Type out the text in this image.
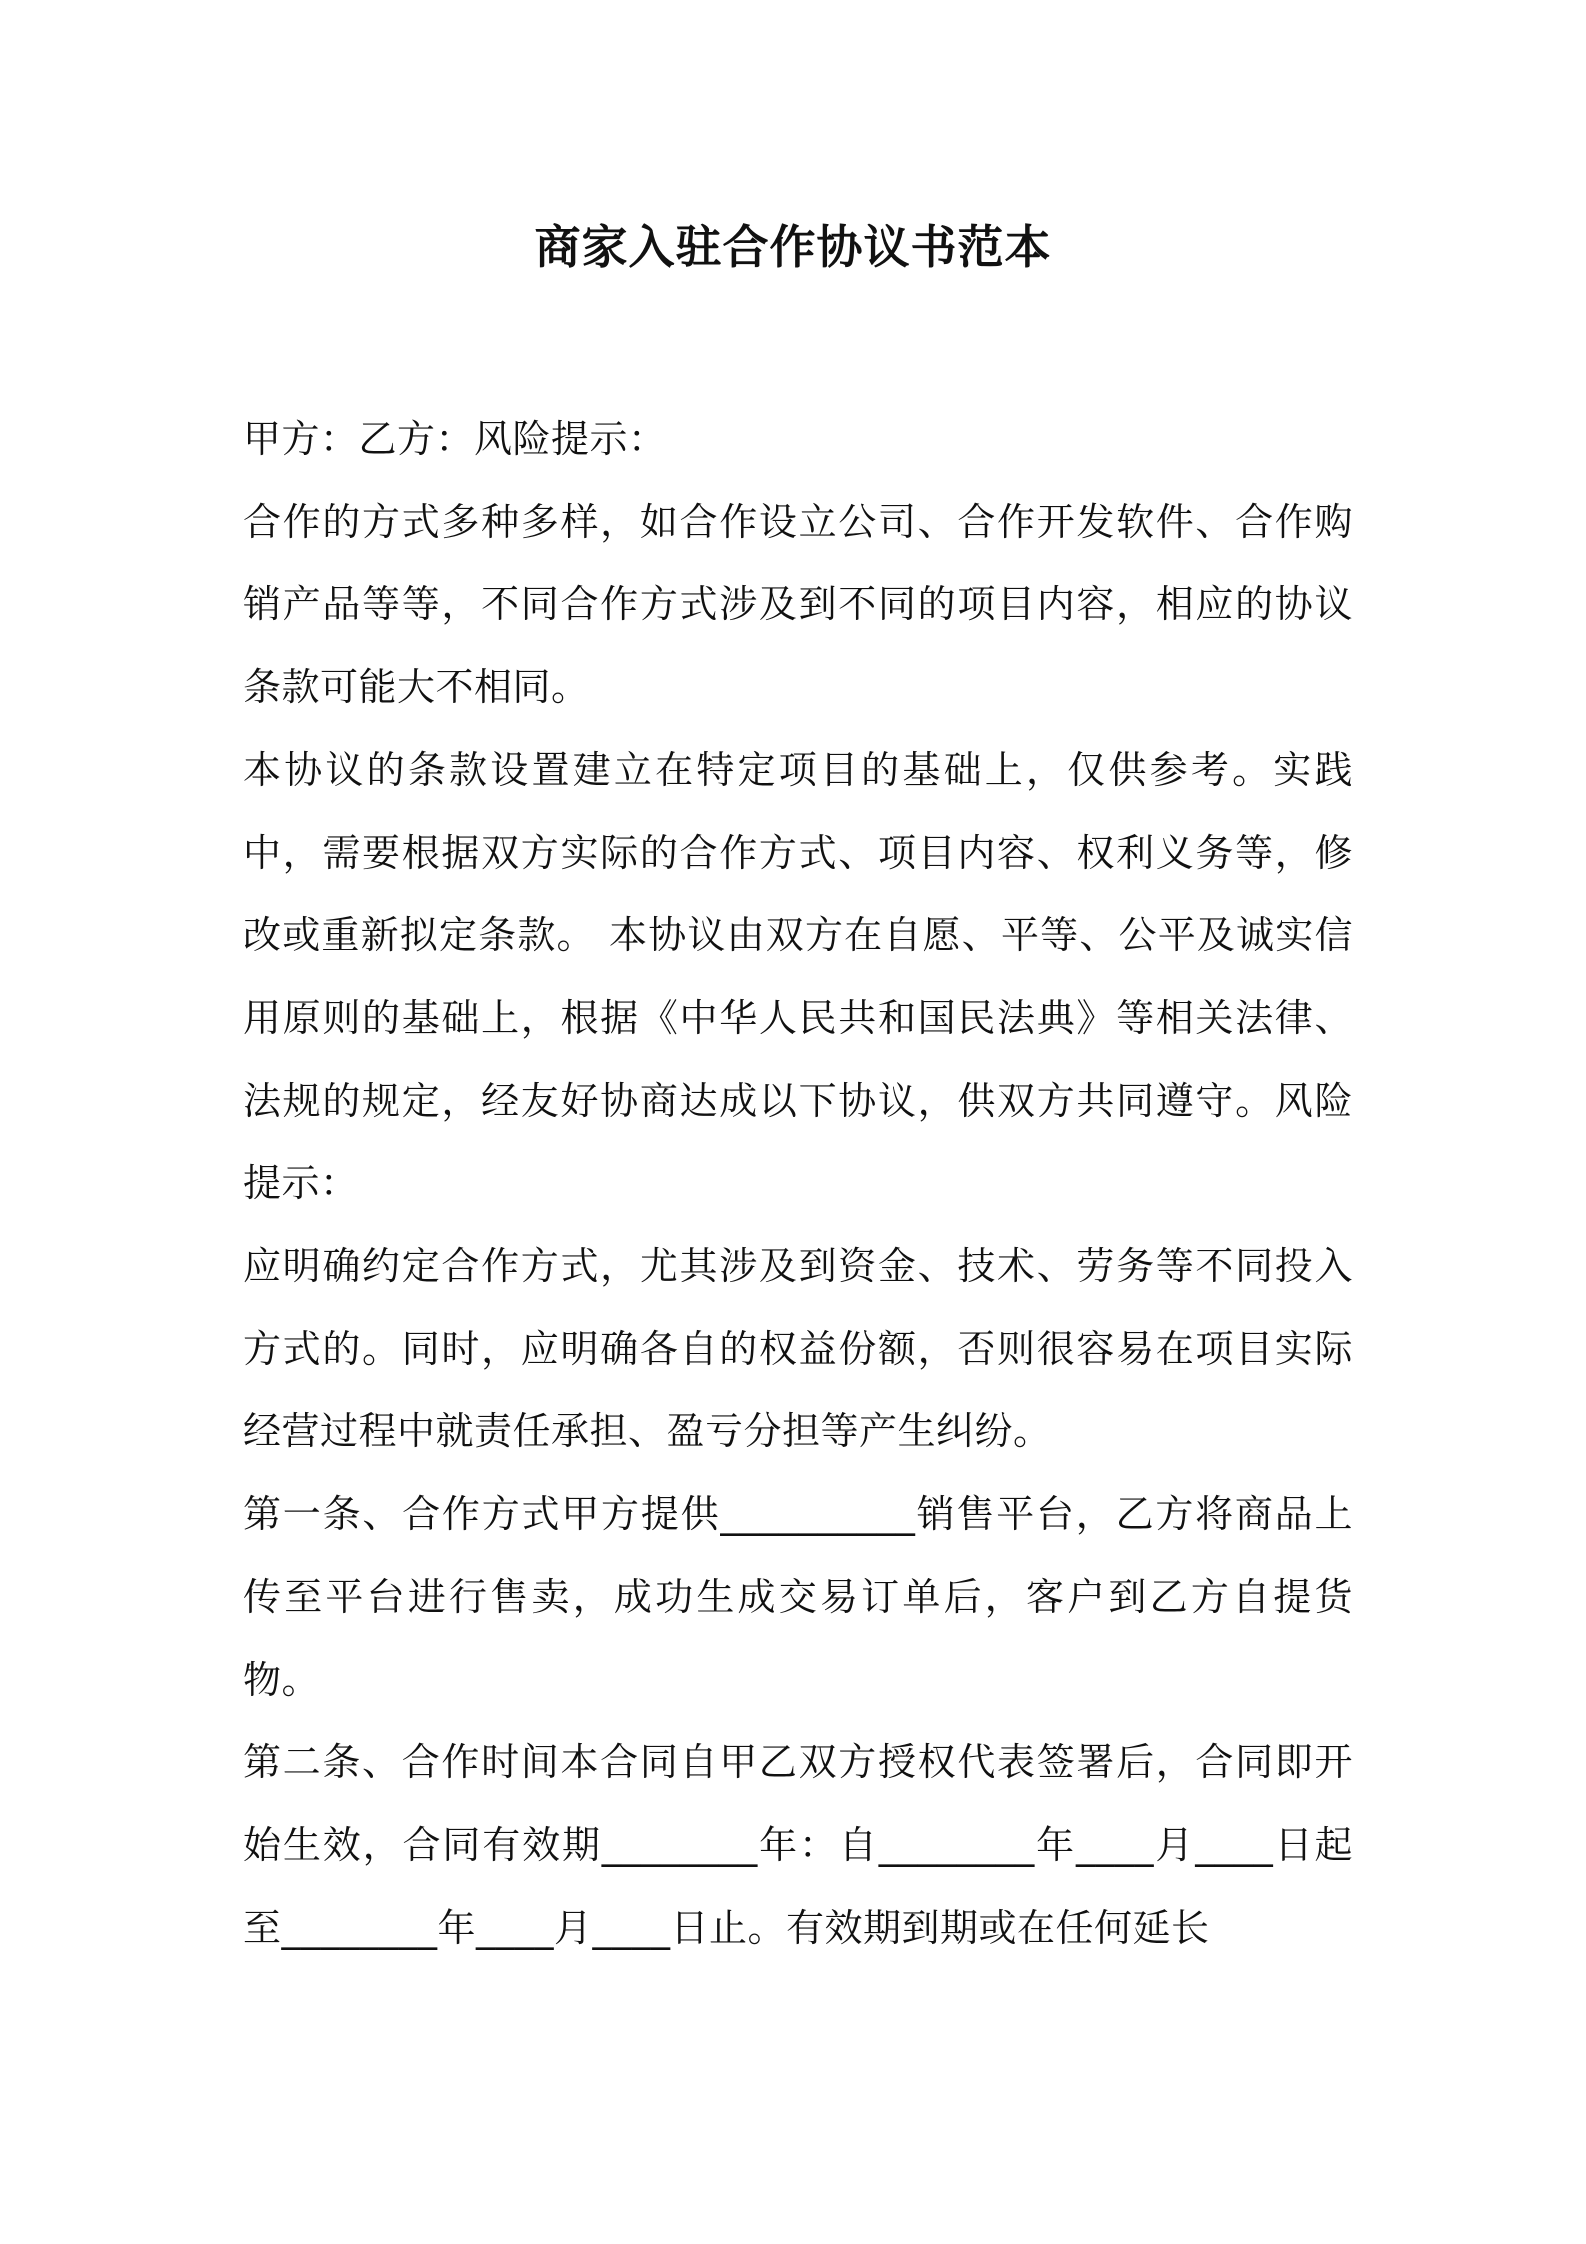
商家入驻合作协议书范本

甲方：乙方：风险提示：

合作的方式多种多样，如合作设立公司、合作开发软件、合作购销产品等等，不同合作方式涉及到不同的项目内容，相应的协议条款可能大不相同。

本协议的条款设置建立在特定项目的基础上，仅供参考。实践中，需要根据双方实际的合作方式、项目内容、权利义务等，修改或重新拟定条款。 本协议由双方在自愿、平等、公平及诚实信用原则的基础上，根据《中华人民共和国民法典》等相关法律、法规的规定，经友好协商达成以下协议，供双方共同遵守。风险提示：

应明确约定合作方式，尤其涉及到资金、技术、劳务等不同投入方式的。同时，应明确各自的权益份额，否则很容易在项目实际经营过程中就责任承担、盈亏分担等产生纠纷。

第一条、合作方式甲方提供__________销售平台，乙方将商品上传至平台进行售卖，成功生成交易订单后，客户到乙方自提货物。

第二条、合作时间本合同自甲乙双方授权代表签署后，合同即开始生效，合同有效期________年：自________年____月____日起至________年____月____日止。有效期到期或在任何延长
